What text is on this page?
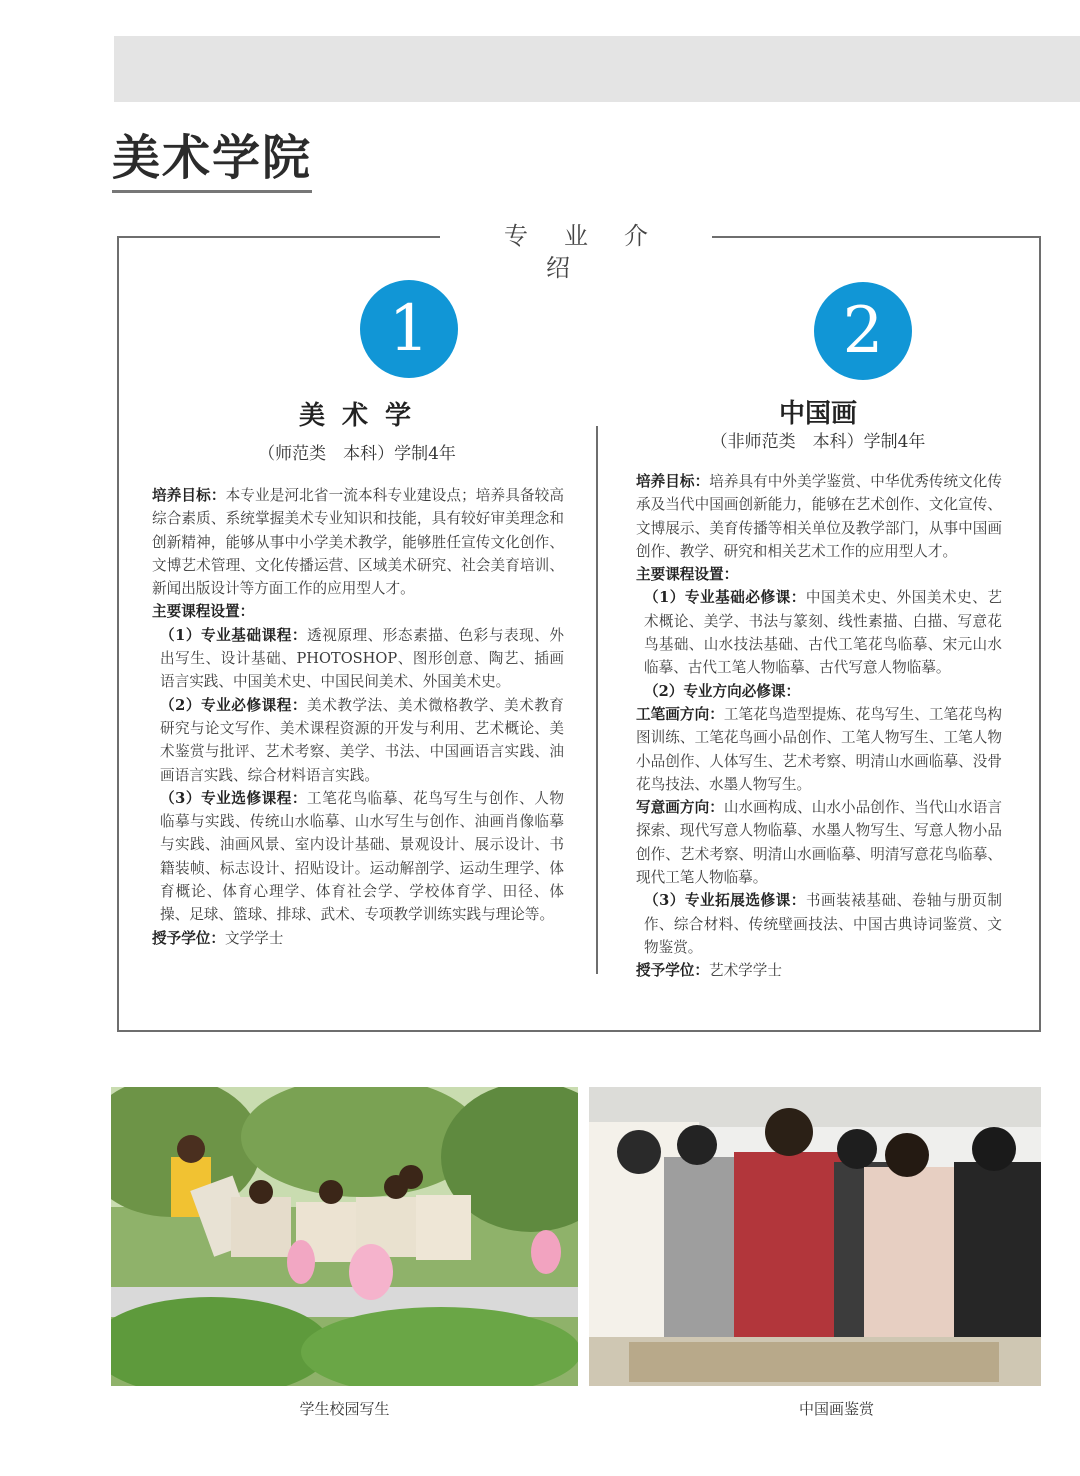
美术学院
专业介绍
1
美 术 学
（师范类　本科）学制4年

培养目标：本专业是河北省一流本科专业建设点；培养具备较高综合素质、系统掌握美术专业知识和技能，具有较好审美理念和创新精神，能够从事中小学美术教学，能够胜任宣传文化创作、文博艺术管理、文化传播运营、区域美术研究、社会美育培训、新闻出版设计等方面工作的应用型人才。

主要课程设置：

（1）专业基础课程：透视原理、形态素描、色彩与表现、外出写生、设计基础、PHOTOSHOP、图形创意、陶艺、插画语言实践、中国美术史、中国民间美术、外国美术史。

（2）专业必修课程：美术教学法、美术微格教学、美术教育研究与论文写作、美术课程资源的开发与利用、艺术概论、美术鉴赏与批评、艺术考察、美学、书法、中国画语言实践、油画语言实践、综合材料语言实践。

（3）专业选修课程：工笔花鸟临摹、花鸟写生与创作、人物临摹与实践、传统山水临摹、山水写生与创作、油画肖像临摹与实践、油画风景、室内设计基础、景观设计、展示设计、书籍装帧、标志设计、招贴设计。运动解剖学、运动生理学、体育概论、体育心理学、体育社会学、学校体育学、田径、体操、足球、篮球、排球、武术、专项教学训练实践与理论等。

授予学位：文学学士

2
中国画
（非师范类　本科）学制4年

培养目标：培养具有中外美学鉴赏、中华优秀传统文化传承及当代中国画创新能力，能够在艺术创作、文化宣传、文博展示、美育传播等相关单位及教学部门，从事中国画创作、教学、研究和相关艺术工作的应用型人才。

主要课程设置：

（1）专业基础必修课：中国美术史、外国美术史、艺术概论、美学、书法与篆刻、线性素描、白描、写意花鸟基础、山水技法基础、古代工笔花鸟临摹、宋元山水临摹、古代工笔人物临摹、古代写意人物临摹。

（2）专业方向必修课：

工笔画方向：工笔花鸟造型提炼、花鸟写生、工笔花鸟构图训练、工笔花鸟画小品创作、工笔人物写生、工笔人物小品创作、人体写生、艺术考察、明清山水画临摹、没骨花鸟技法、水墨人物写生。

写意画方向：山水画构成、山水小品创作、当代山水语言探索、现代写意人物临摹、水墨人物写生、写意人物小品创作、艺术考察、明清山水画临摹、明清写意花鸟临摹、现代工笔人物临摹。

（3）专业拓展选修课：书画装裱基础、卷轴与册页制作、综合材料、传统壁画技法、中国古典诗词鉴赏、文物鉴赏。

授予学位：艺术学学士

学生校园写生	中国画鉴赏
